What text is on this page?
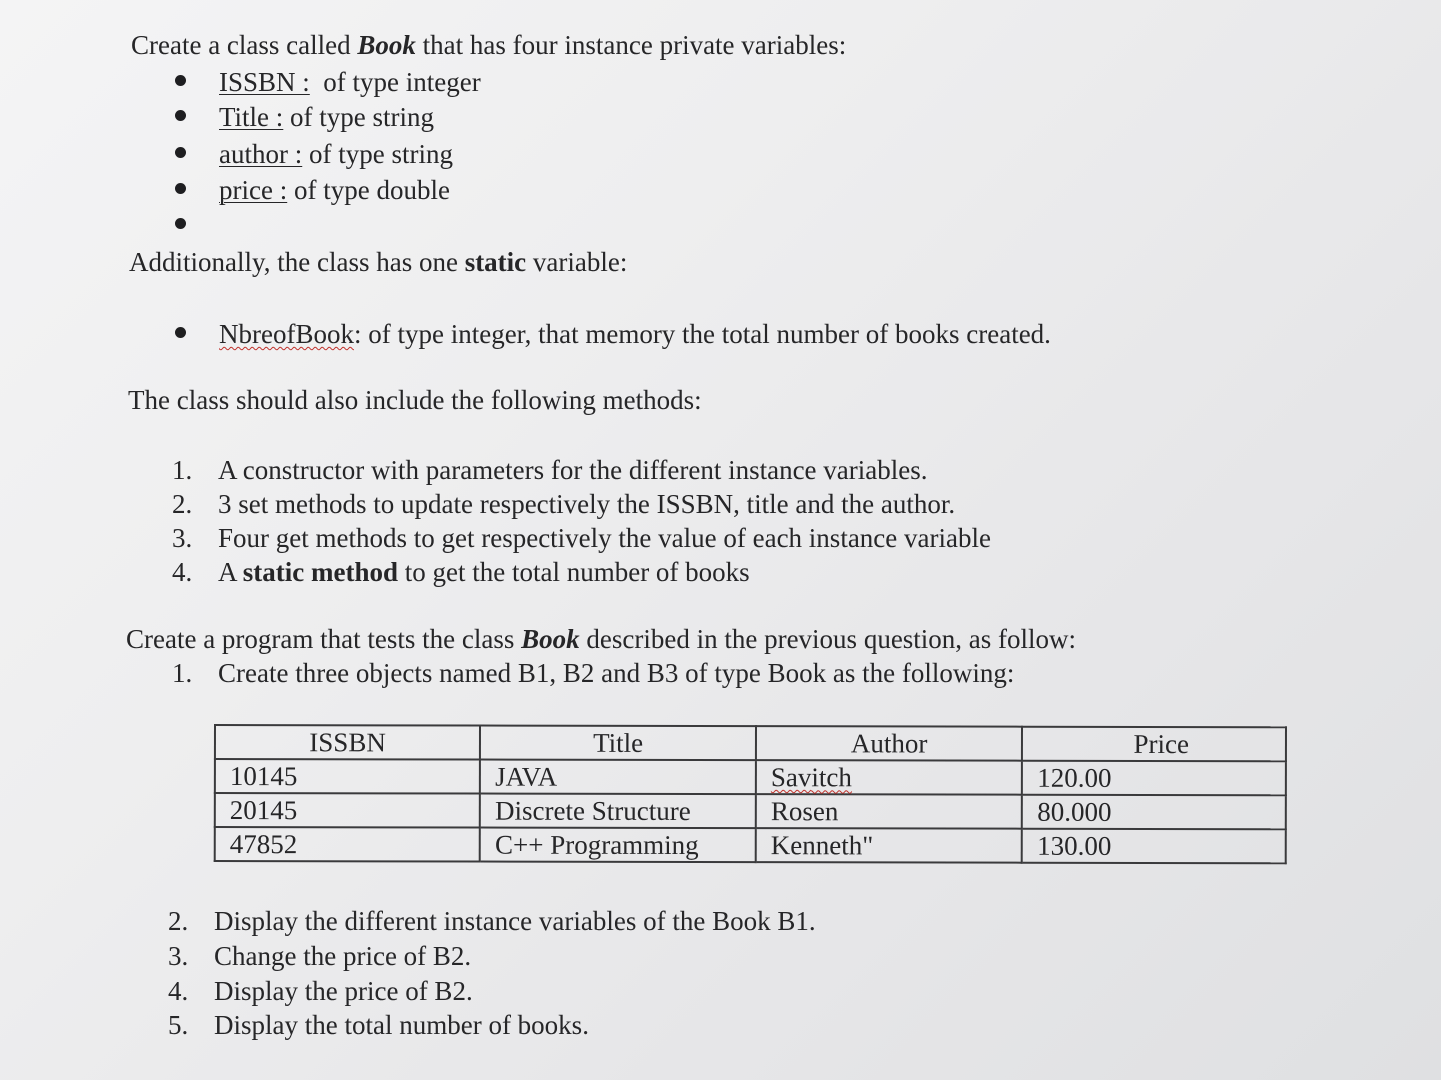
Create a class called Book that has four instance private variables:
ISSBN : of type integer
Title : of type string
author : of type string
price : of type double
Additionally, the class has one static variable:
NbreofBook: of type integer, that memory the total number of books created.
The class should also include the following methods:
1. A constructor with parameters for the different instance variables.
2. 3 set methods to update respectively the ISSBN, title and the author.
3. Four get methods to get respectively the value of each instance variable
4. A static method to get the total number of books
Create a program that tests the class Book described in the previous question, as follow:
1. Create three objects named B1, B2 and B3 of type Book as the following:
ISSBN	Title	Author	Price
10145	JAVA	Savitch	120.00
20145	Discrete Structure	Rosen	80.000
47852	C++ Programming	Kenneth"	130.00
2. Display the different instance variables of the Book B1.
3. Change the price of B2.
4. Display the price of B2.
5. Display the total number of books.
